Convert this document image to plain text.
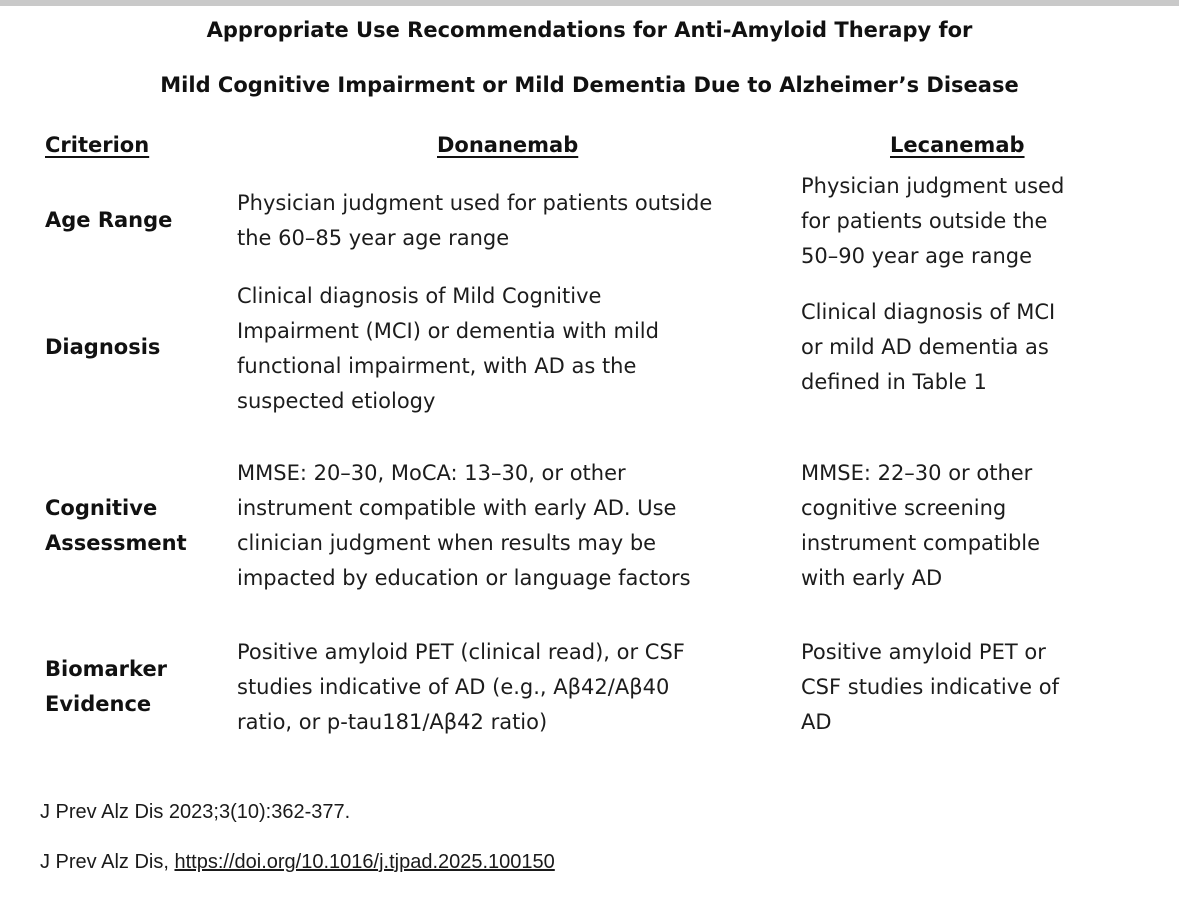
Appropriate Use Recommendations for Anti-Amyloid Therapy for
Mild Cognitive Impairment or Mild Dementia Due to Alzheimer’s Disease
Criterion	Donanemab	Lecanemab
Age Range
Physician judgment used for patients outside
the 60–85 year age range
Physician judgment used
for patients outside the
50–90 year age range
Diagnosis
Clinical diagnosis of Mild Cognitive
Impairment (MCI) or dementia with mild
functional impairment, with AD as the
suspected etiology
Clinical diagnosis of MCI
or mild AD dementia as
defined in Table 1
Cognitive
Assessment
MMSE: 20–30, MoCA: 13–30, or other
instrument compatible with early AD. Use
clinician judgment when results may be
impacted by education or language factors
MMSE: 22–30 or other
cognitive screening
instrument compatible
with early AD
Biomarker
Evidence
Positive amyloid PET (clinical read), or CSF
studies indicative of AD (e.g., Aβ42/Aβ40
ratio, or p-tau181/Aβ42 ratio)
Positive amyloid PET or
CSF studies indicative of
AD
J Prev Alz Dis 2023;3(10):362-377.
J Prev Alz Dis, https://doi.org/10.1016/j.tjpad.2025.100150
